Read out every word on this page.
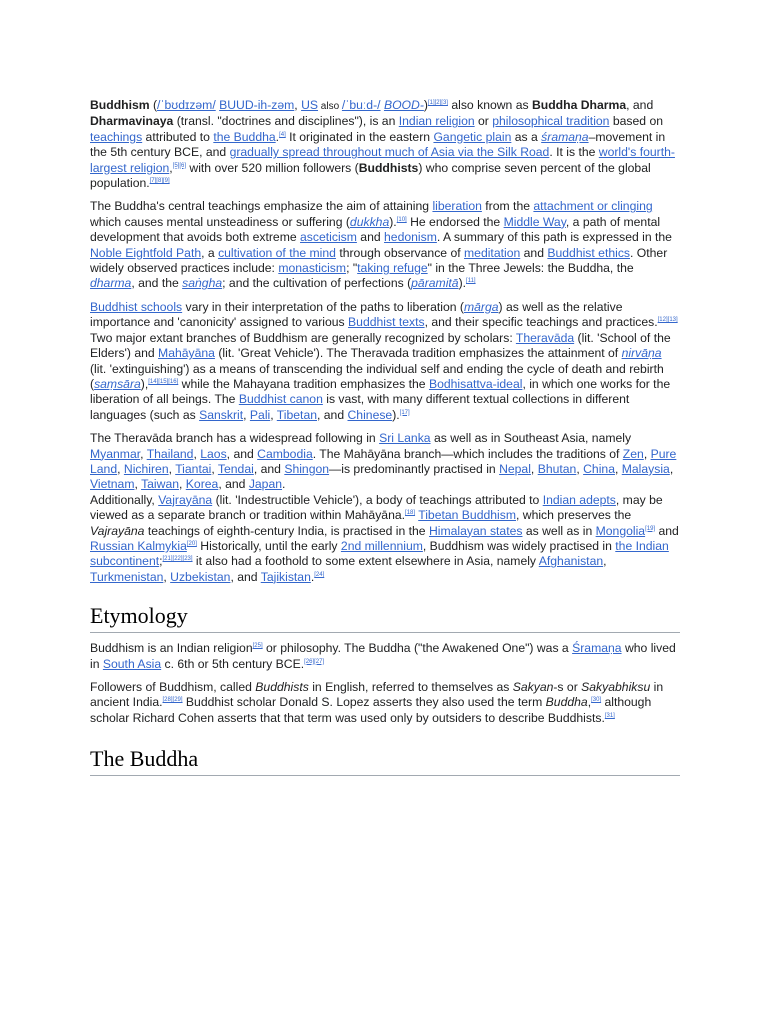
Buddhism (/ˈbʊdɪzəm/ BUUD-ih-zəm, US also /ˈbuːd-/ BOOD-)[1][2][3] also known as Buddha Dharma, and Dharmavinaya (transl. "doctrines and disciplines"), is an Indian religion or philosophical tradition based on teachings attributed to the Buddha.[4] It originated in the eastern Gangetic plain as a śramaṇa–movement in the 5th century BCE, and gradually spread throughout much of Asia via the Silk Road. It is the world's fourth-largest religion,[5][6] with over 520 million followers (Buddhists) who comprise seven percent of the global population.[7][8][9]

The Buddha's central teachings emphasize the aim of attaining liberation from the attachment or clinging which causes mental unsteadiness or suffering (dukkha).[10] He endorsed the Middle Way, a path of mental development that avoids both extreme asceticism and hedonism. A summary of this path is expressed in the Noble Eightfold Path, a cultivation of the mind through observance of meditation and Buddhist ethics. Other widely observed practices include: monasticism; "taking refuge" in the Three Jewels: the Buddha, the dharma, and the saṅgha; and the cultivation of perfections (pāramitā).[11]

Buddhist schools vary in their interpretation of the paths to liberation (mārga) as well as the relative importance and 'canonicity' assigned to various Buddhist texts, and their specific teachings and practices.[12][13] Two major extant branches of Buddhism are generally recognized by scholars: Theravāda (lit. 'School of the Elders') and Mahāyāna (lit. 'Great Vehicle'). The Theravada tradition emphasizes the attainment of nirvāṇa (lit. 'extinguishing') as a means of transcending the individual self and ending the cycle of death and rebirth (saṃsāra),[14][15][16] while the Mahayana tradition emphasizes the Bodhisattva-ideal, in which one works for the liberation of all beings. The Buddhist canon is vast, with many different textual collections in different languages (such as Sanskrit, Pali, Tibetan, and Chinese).[17]

The Theravāda branch has a widespread following in Sri Lanka as well as in Southeast Asia, namely Myanmar, Thailand, Laos, and Cambodia. The Mahāyāna branch—which includes the traditions of Zen, Pure Land, Nichiren, Tiantai, Tendai, and Shingon—is predominantly practised in Nepal, Bhutan, China, Malaysia, Vietnam, Taiwan, Korea, and Japan.

Additionally, Vajrayāna (lit. 'Indestructible Vehicle'), a body of teachings attributed to Indian adepts, may be viewed as a separate branch or tradition within Mahāyāna.[18] Tibetan Buddhism, which preserves the Vajrayāna teachings of eighth-century India, is practised in the Himalayan states as well as in Mongolia[19] and Russian Kalmykia[20] Historically, until the early 2nd millennium, Buddhism was widely practised in the Indian subcontinent;[21][22][23] it also had a foothold to some extent elsewhere in Asia, namely Afghanistan, Turkmenistan, Uzbekistan, and Tajikistan.[24]

Etymology

Buddhism is an Indian religion[25] or philosophy. The Buddha ("the Awakened One") was a Śramaṇa who lived in South Asia c. 6th or 5th century BCE.[26][27]

Followers of Buddhism, called Buddhists in English, referred to themselves as Sakyan-s or Sakyabhiksu in ancient India.[28][29] Buddhist scholar Donald S. Lopez asserts they also used the term Buddha,[30] although scholar Richard Cohen asserts that that term was used only by outsiders to describe Buddhists.[31]

The Buddha
